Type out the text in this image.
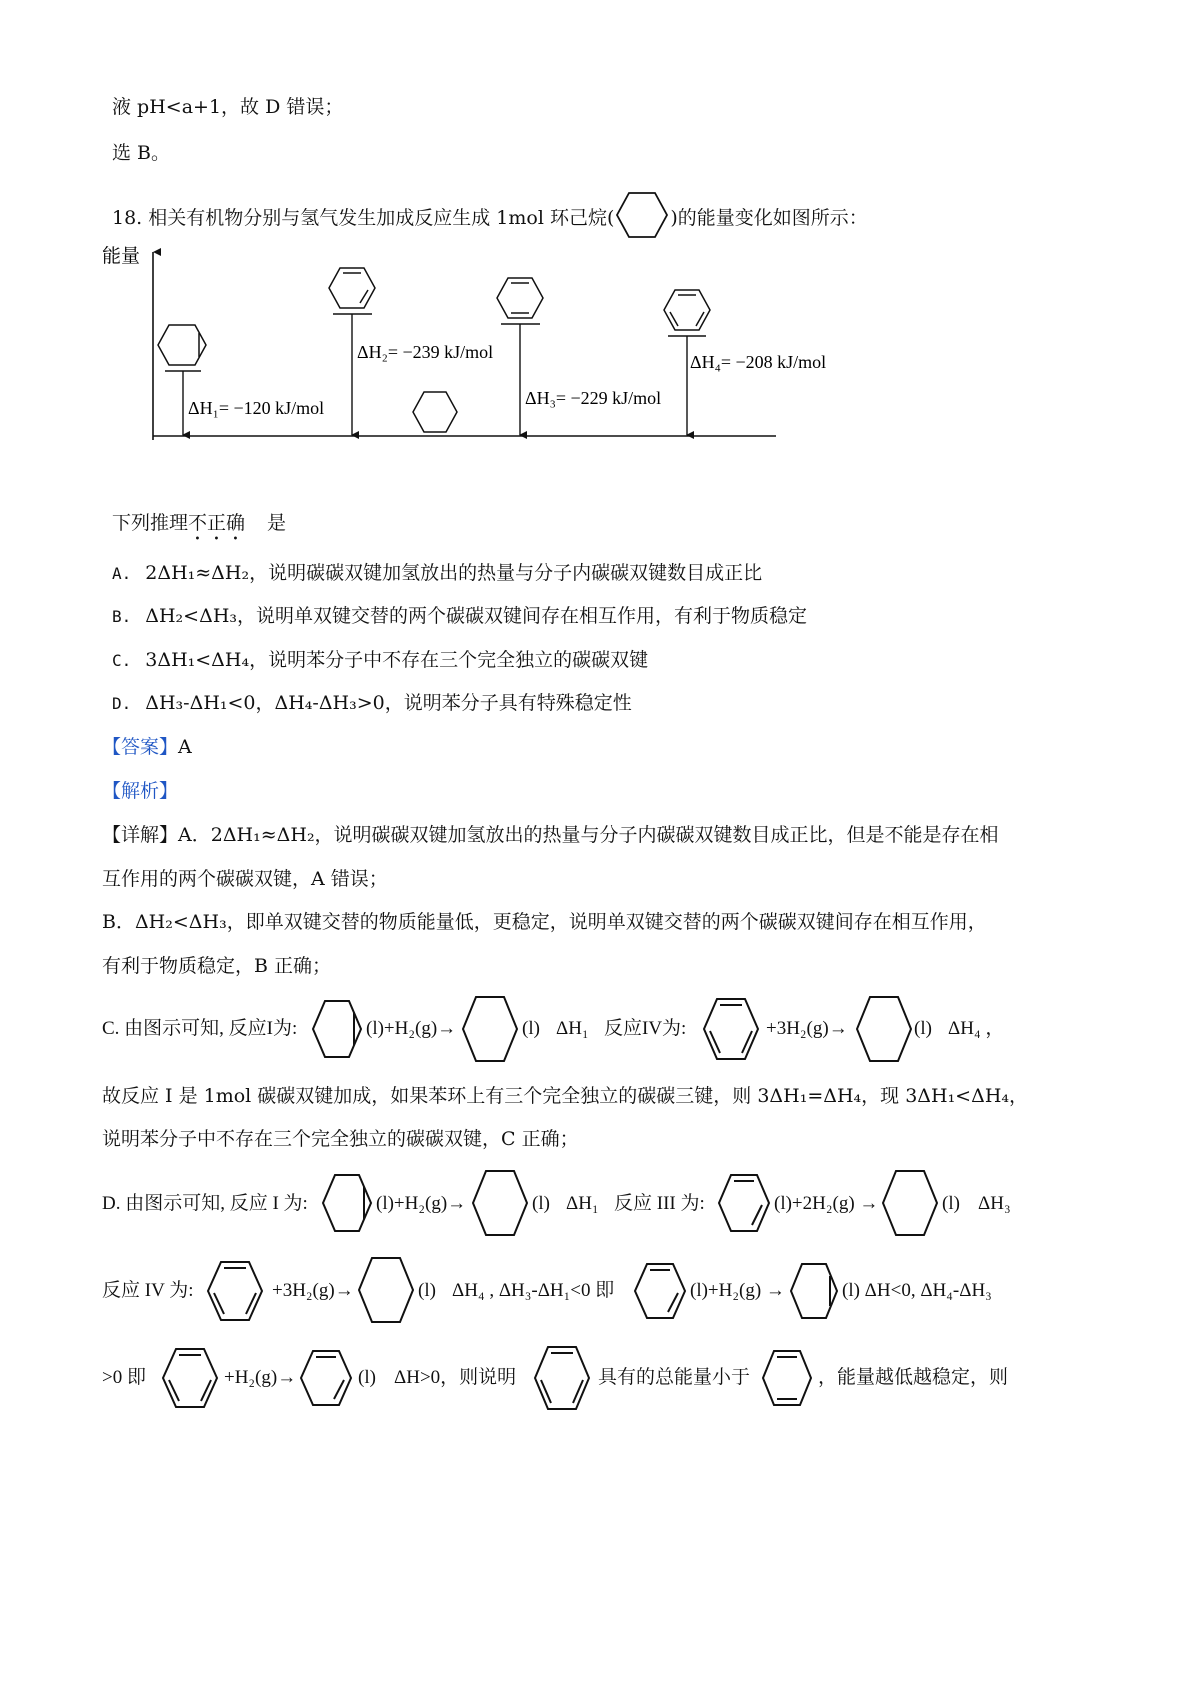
液 pH<a+1，故 D 错误；
选 B。
18. 相关有机物分别与氢气发生加成反应生成 1mol 环己烷(	)的能量变化如图所示：
能量
ΔH₁= −120 kJ/mol
ΔH₂= −239 kJ/mol
ΔH₃= −229 kJ/mol
ΔH₄= −208 kJ/mol
下列推理不正确 是
A. 2ΔH₁≈ΔH₂，说明碳碳双键加氢放出的热量与分子内碳碳双键数目成正比
B. ΔH₂<ΔH₃，说明单双键交替的两个碳碳双键间存在相互作用，有利于物质稳定
C. 3ΔH₁<ΔH₄，说明苯分子中不存在三个完全独立的碳碳双键
D. ΔH₃-ΔH₁<0，ΔH₄-ΔH₃>0，说明苯分子具有特殊稳定性
【答案】A
【解析】
【详解】A．2ΔH₁≈ΔH₂，说明碳碳双键加氢放出的热量与分子内碳碳双键数目成正比，但是不能是存在相
互作用的两个碳碳双键，A 错误；
B．ΔH₂<ΔH₃，即单双键交替的物质能量低，更稳定，说明单双键交替的两个碳碳双键间存在相互作用，
有利于物质稳定，B 正确；
C. 由图示可知, 反应I为:	(l)+H₂(g)→	(l) ΔH₁ 反应IV为:	+3H₂(g)→	(l) ΔH₄ ，
故反应 I 是 1mol 碳碳双键加成，如果苯环上有三个完全独立的碳碳三键，则 3ΔH₁=ΔH₄，现 3ΔH₁<ΔH₄，
说明苯分子中不存在三个完全独立的碳碳双键，C 正确；
D. 由图示可知, 反应 I 为:	(l)+H₂(g)→	(l) ΔH₁ 反应 III 为:	(l)+2H₂(g) →	(l) ΔH₃
反应 IV 为:	+3H₂(g)→	(l) ΔH₄ , ΔH₃-ΔH₁<0 即	(l)+H₂(g) →	(l) ΔH<0, ΔH₄-ΔH₃
>0 即	+H₂(g)→	(l) ΔH>0，则说明	具有的总能量小于	，能量越低越稳定，则
